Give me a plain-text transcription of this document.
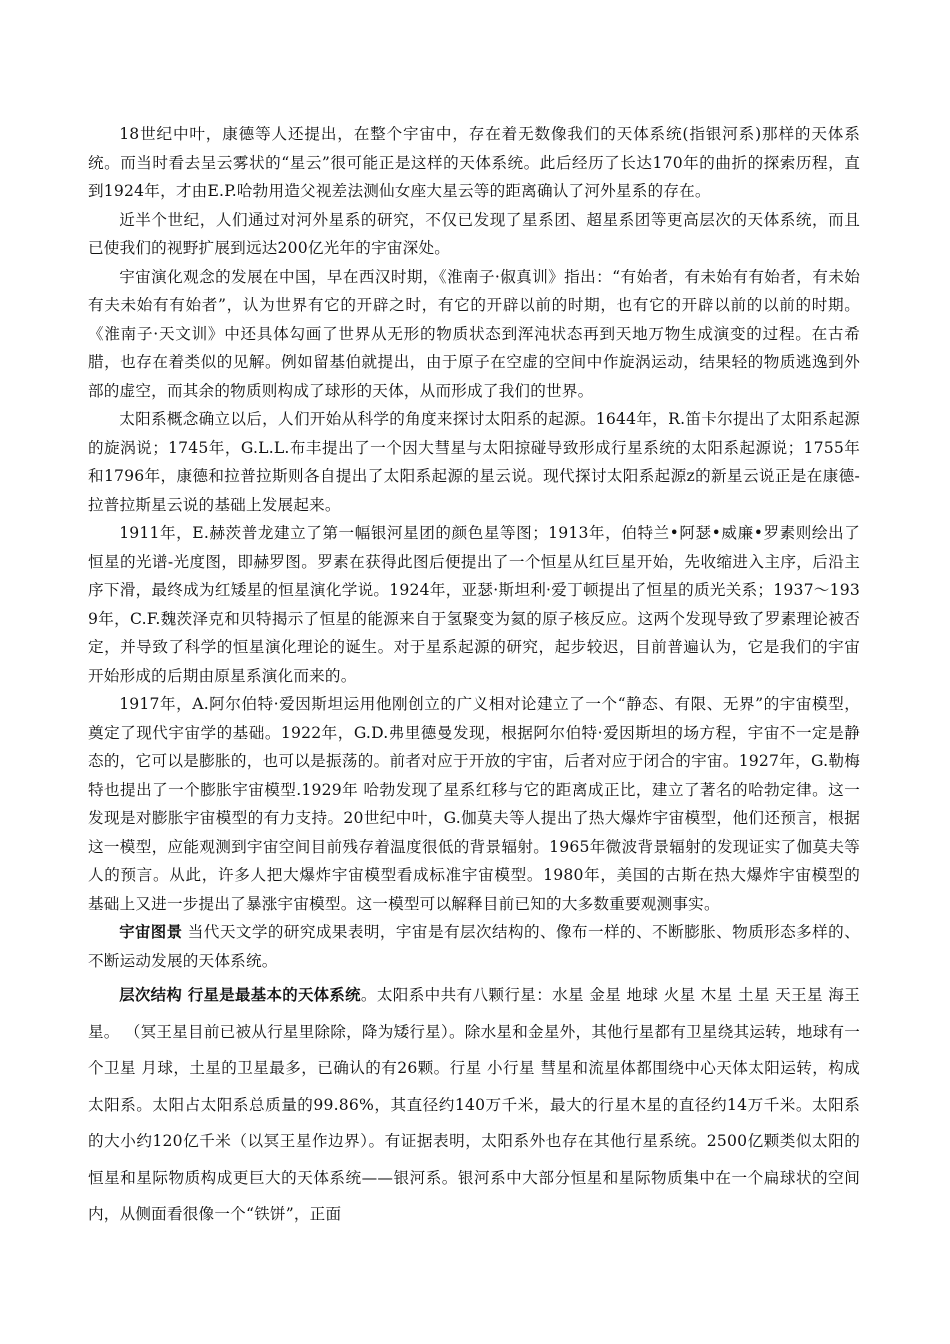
18世纪中叶，康德等人还提出，在整个宇宙中，存在着无数像我们的天体系统(指银河系)那样的天体系统。而当时看去呈云雾状的“星云”很可能正是这样的天体系统。此后经历了长达170年的曲折的探索历程，直到1924年，才由E.P.哈勃用造父视差法测仙女座大星云等的距离确认了河外星系的存在。

近半个世纪，人们通过对河外星系的研究，不仅已发现了星系团、超星系团等更高层次的天体系统，而且已使我们的视野扩展到远达200亿光年的宇宙深处。

宇宙演化观念的发展在中国，早在西汉时期，《淮南子·俶真训》指出：“有始者，有未始有有始者，有未始有夫未始有有始者”，认为世界有它的开辟之时，有它的开辟以前的时期，也有它的开辟以前的以前的时期。《淮南子·天文训》中还具体勾画了世界从无形的物质状态到浑沌状态再到天地万物生成演变的过程。在古希腊，也存在着类似的见解。例如留基伯就提出，由于原子在空虚的空间中作旋涡运动，结果轻的物质逃逸到外部的虚空，而其余的物质则构成了球形的天体，从而形成了我们的世界。

太阳系概念确立以后，人们开始从科学的角度来探讨太阳系的起源。1644年，R.笛卡尔提出了太阳系起源的旋涡说；1745年，G.L.L.布丰提出了一个因大彗星与太阳掠碰导致形成行星系统的太阳系起源说；1755年和1796年，康德和拉普拉斯则各自提出了太阳系起源的星云说。现代探讨太阳系起源z的新星云说正是在康德-拉普拉斯星云说的基础上发展起来。

1911年，E.赫茨普龙建立了第一幅银河星团的颜色星等图；1913年，伯特兰•阿瑟•威廉•罗素则绘出了恒星的光谱-光度图，即赫罗图。罗素在获得此图后便提出了一个恒星从红巨星开始，先收缩进入主序，后沿主序下滑，最终成为红矮星的恒星演化学说。1924年，亚瑟·斯坦利·爱丁顿提出了恒星的质光关系；1937～1939年，C.F.魏茨泽克和贝特揭示了恒星的能源来自于氢聚变为氦的原子核反应。这两个发现导致了罗素理论被否定，并导致了科学的恒星演化理论的诞生。对于星系起源的研究，起步较迟，目前普遍认为，它是我们的宇宙开始形成的后期由原星系演化而来的。

1917年，A.阿尔伯特·爱因斯坦运用他刚创立的广义相对论建立了一个“静态、有限、无界”的宇宙模型，奠定了现代宇宙学的基础。1922年，G.D.弗里德曼发现，根据阿尔伯特·爱因斯坦的场方程，宇宙不一定是静态的，它可以是膨胀的，也可以是振荡的。前者对应于开放的宇宙，后者对应于闭合的宇宙。1927年，G.勒梅特也提出了一个膨胀宇宙模型.1929年 哈勃发现了星系红移与它的距离成正比，建立了著名的哈勃定律。这一发现是对膨胀宇宙模型的有力支持。20世纪中叶，G.伽莫夫等人提出了热大爆炸宇宙模型，他们还预言，根据这一模型，应能观测到宇宙空间目前残存着温度很低的背景辐射。1965年微波背景辐射的发现证实了伽莫夫等人的预言。从此，许多人把大爆炸宇宙模型看成标准宇宙模型。1980年，美国的古斯在热大爆炸宇宙模型的 基础上又进一步提出了暴涨宇宙模型。这一模型可以解释目前已知的大多数重要观测事实。

宇宙图景 当代天文学的研究成果表明，宇宙是有层次结构的、像布一样的、不断膨胀、物质形态多样的、不断运动发展的天体系统。

层次结构 行星是最基本的天体系统。太阳系中共有八颗行星：水星 金星 地球 火星 木星 土星 天王星 海王星。 （冥王星目前已被从行星里除除，降为矮行星）。除水星和金星外，其他行星都有卫星绕其运转，地球有一个卫星 月球，土星的卫星最多，已确认的有26颗。行星 小行星 彗星和流星体都围绕中心天体太阳运转，构成太阳系。太阳占太阳系总质量的99.86%，其直径约140万千米，最大的行星木星的直径约14万千米。太阳系的大小约120亿千米（以冥王星作边界）。有证据表明，太阳系外也存在其他行星系统。2500亿颗类似太阳的恒星和星际物质构成更巨大的天体系统——银河系。银河系中大部分恒星和星际物质集中在一个扁球状的空间内，从侧面看很像一个“铁饼”，正面
